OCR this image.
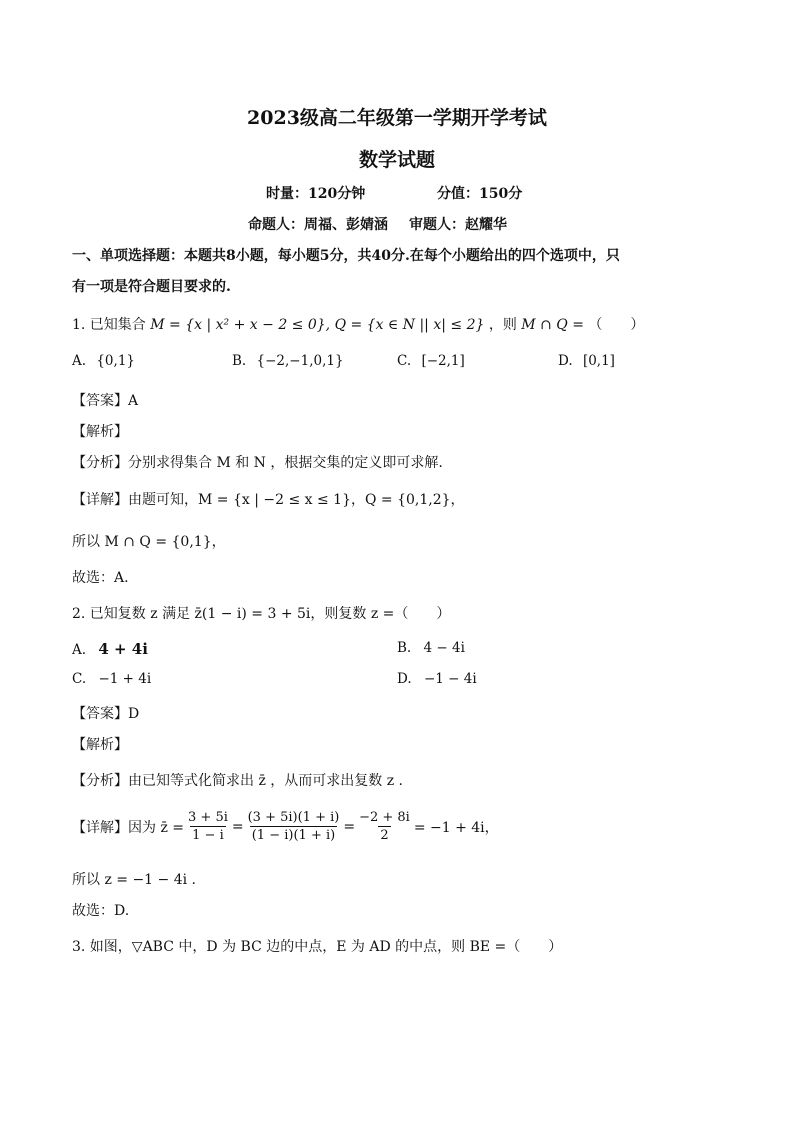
2023级高二年级第一学期开学考试
数学试题
时量：120分钟	分值：150分
命题人：周福、彭婧涵 审题人：赵耀华
一、单项选择题：本题共8小题，每小题5分，共40分.在每个小题给出的四个选项中，只
有一项是符合题目要求的.
1. 已知集合 M = {x | x² + x − 2 ≤ 0}, Q = {x ∈ N || x| ≤ 2} ，则 M ∩ Q = （　　）
A. {0,1}	B. {−2,−1,0,1}	C. [−2,1]	D. [0,1]
【答案】A
【解析】
【分析】分别求得集合 M 和 N ，根据交集的定义即可求解.
【详解】由题可知，M = {x | −2 ≤ x ≤ 1}，Q = {0,1,2}，
所以 M ∩ Q = {0,1}，
故选：A.
2. 已知复数 z 满足 z̄(1 − i) = 3 + 5i，则复数 z =（　　）
A. 4 + 4i	B. 4 − 4i
C. −1 + 4i	D. −1 − 4i
【答案】D
【解析】
【分析】由已知等式化简求出 z̄ ，从而可求出复数 z .
【详解】 因为 z̄ = $\frac{3 + 5i}{1 - i} = \frac{(3 + 5i)(1 + i)}{(1 - i)(1 + i)} = \frac{-2 + 8i}{2} = -1 + 4i$，
所以 z = −1 − 4i .
故选：D.
3. 如图，▽ABC 中，D 为 BC 边的中点，E 为 AD 的中点，则 BE =（　　）
